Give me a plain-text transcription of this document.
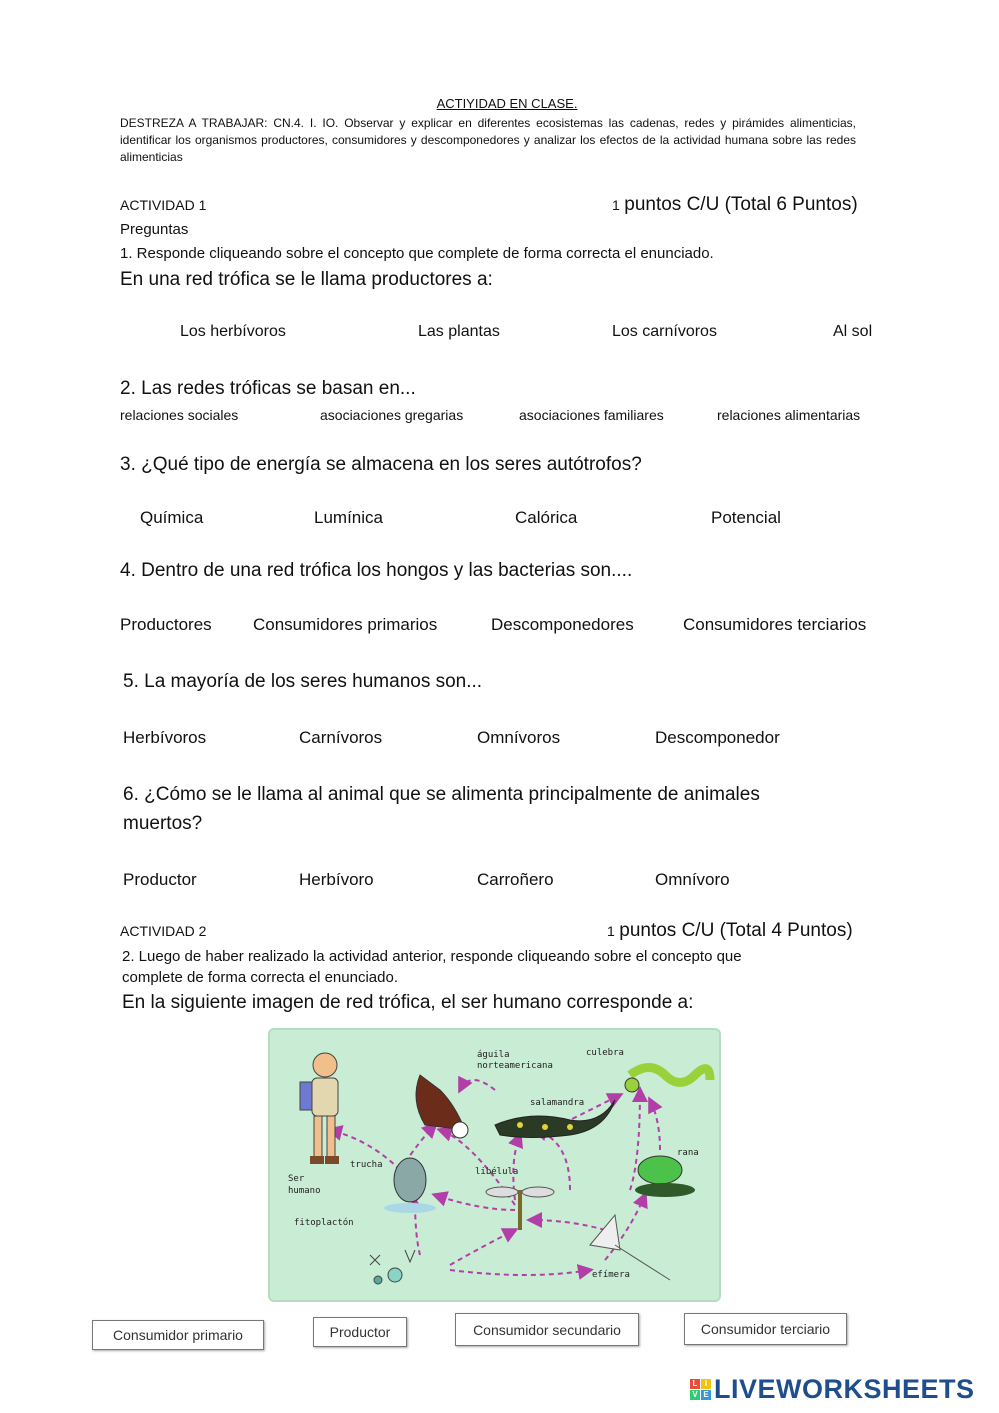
ACTIYIDAD EN CLASE.
DESTREZA A TRABAJAR: CN.4. I. IO. Observar y explicar en diferentes ecosistemas las cadenas, redes y pirámides alimenticias, identificar los organismos productores, consumidores y descomponedores y analizar los efectos de la actividad humana sobre las redes alimenticias
ACTIVIDAD 1	1 puntos C/U (Total 6 Puntos)
Preguntas
1. Responde cliqueando sobre el concepto que complete de forma correcta el enunciado.
En una red trófica se le llama productores a:
Los herbívoros	Las plantas	Los carnívoros	Al sol
2. Las redes tróficas se basan en...
relaciones sociales	asociaciones gregarias	asociaciones familiares	relaciones alimentarias
3. ¿Qué tipo de energía se almacena en los seres autótrofos?
Química	Lumínica	Calórica	Potencial
4. Dentro de una red trófica los hongos y las bacterias son....
Productores Consumidores primarios	Descomponedores	Consumidores terciarios
5. La mayoría de los seres humanos son...
Herbívoros	Carnívoros	Omnívoros	Descomponedor
6. ¿Cómo se le llama al animal que se alimenta principalmente de animales
muertos?
Productor	Herbívoro	Carroñero	Omnívoro
ACTIVIDAD 2	1 puntos C/U (Total 4 Puntos)
2. Luego de haber realizado la actividad anterior, responde cliqueando sobre el concepto que
complete de forma correcta el enunciado.
En la siguiente imagen de red trófica, el ser humano corresponde a:
águila
norteamericana
culebra
salamandra
trucha
Ser
humano
libélula
rana
fitoplactón
efímera
Consumidor primario	Productor	Consumidor secundario	Consumidor terciario
L I
V E LIVEWORKSHEETS
